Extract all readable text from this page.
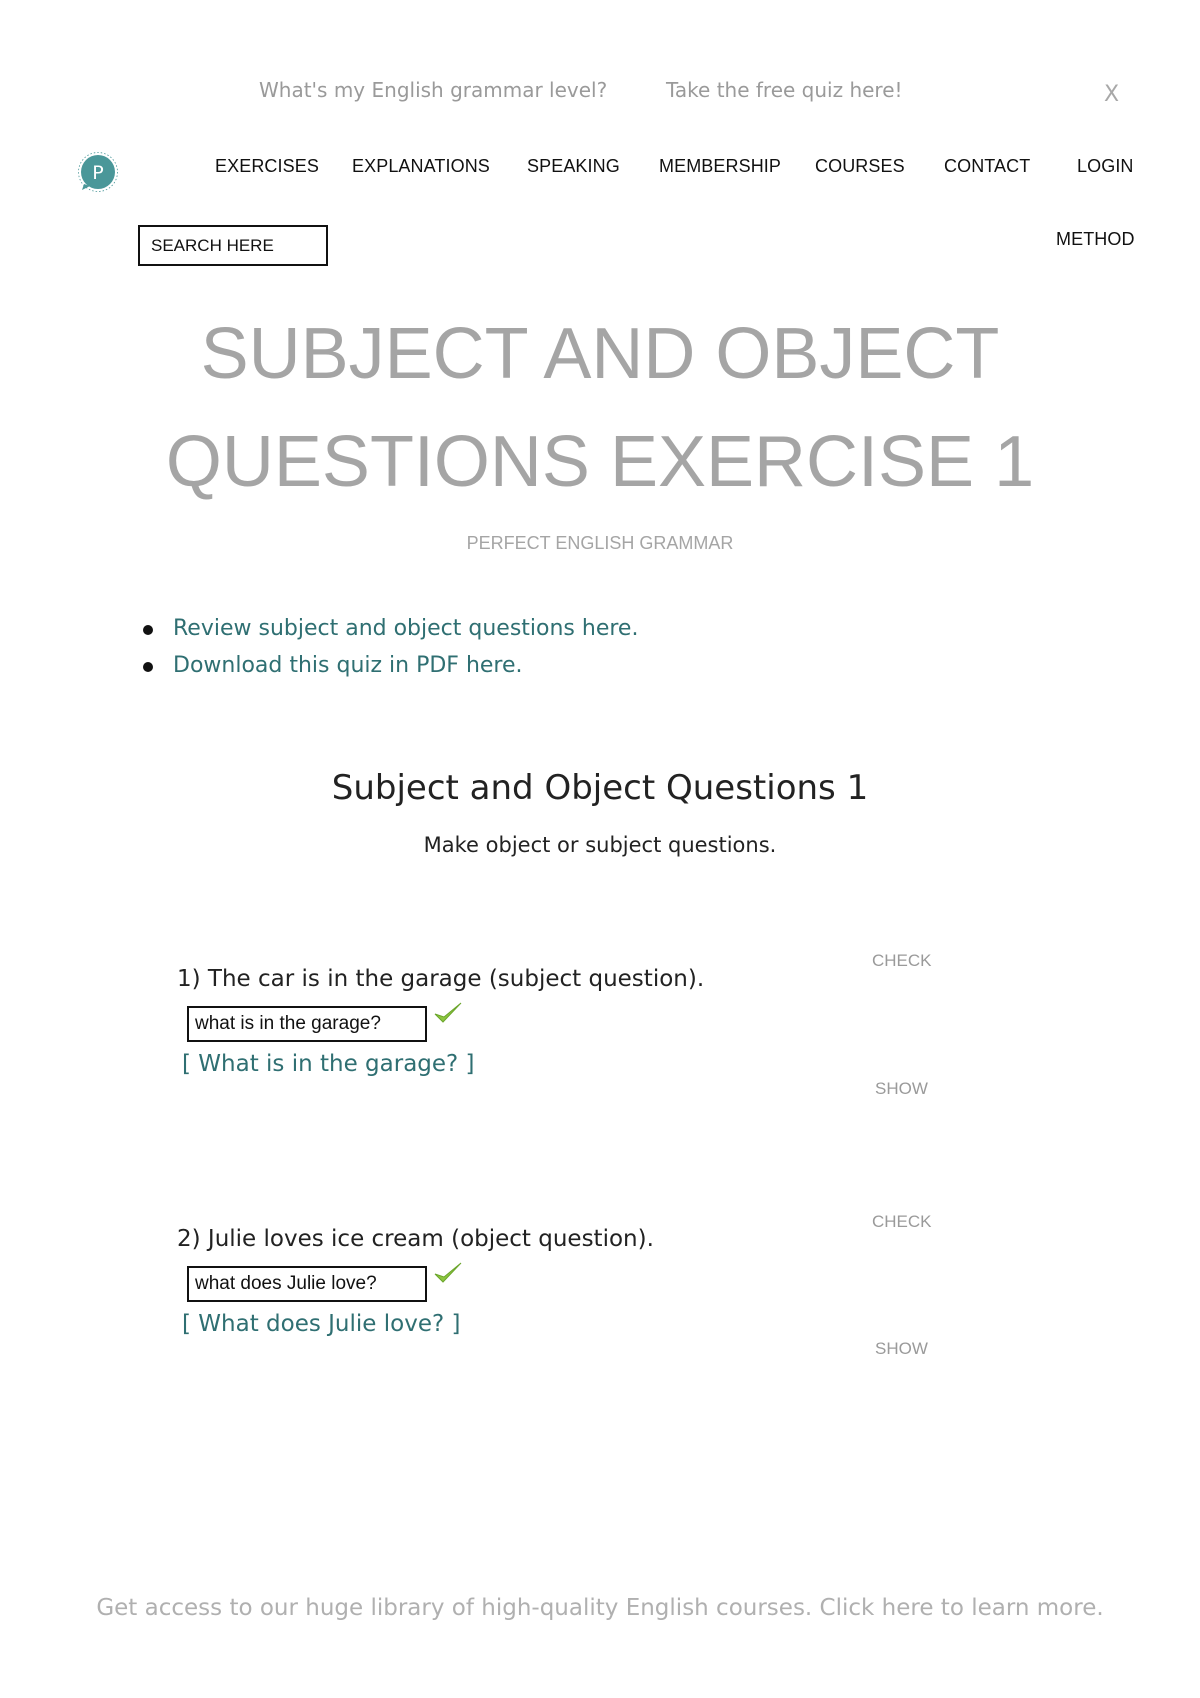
What's my English grammar level?	Take the free quiz here!	X
P	EXERCISES EXPLANATIONS SPEAKING MEMBERSHIP COURSES CONTACT	LOGIN
METHOD
SEARCH HERE
SUBJECT AND OBJECT
QUESTIONS EXERCISE 1
PERFECT ENGLISH GRAMMAR
Review subject and object questions here.
Download this quiz in PDF here.
Subject and Object Questions 1
Make object or subject questions.
CHECK
1) The car is in the garage (subject question).
what is in the garage?
[ What is in the garage? ]
SHOW
CHECK
2) Julie loves ice cream (object question).
what does Julie love?
[ What does Julie love? ]
SHOW
Get access to our huge library of high-quality English courses. Click here to learn more.
